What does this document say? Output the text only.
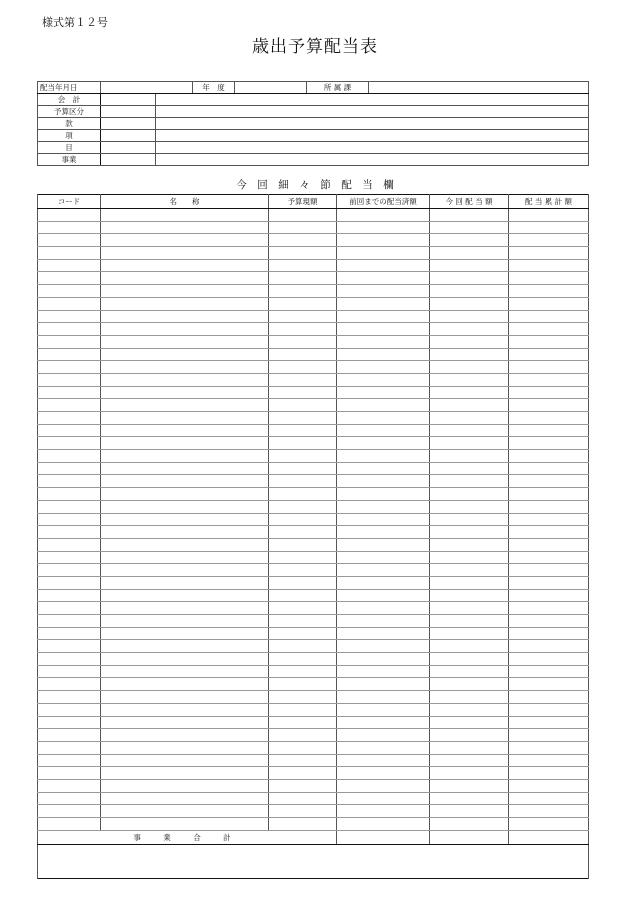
様式第１２号
歳出予算配当表
配当年月日			年　度		所 属 課	
会　計						
予算区分						
款						
項						
目						
事業						
今　回　細　々　節　配　当　欄
コード	名　　称	予算現額	前回までの配当済額	今 回 配 当 額	配 当 累 計 額

事 業 合 計					
